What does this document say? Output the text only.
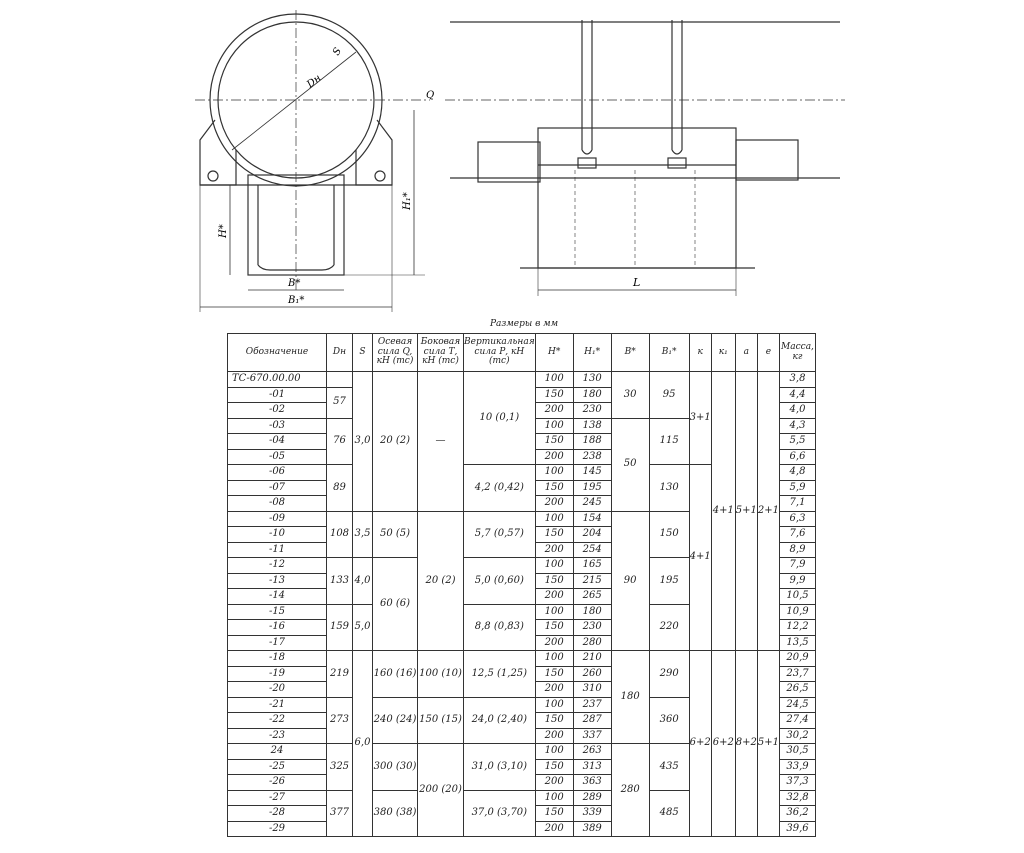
Dн
S
H*
H₁*
B*
B₁*
Q
L
Размеры в мм
Обозначение	Dн	S	Осевая сила Q, кН (тс)	Боковая сила Т, кН (тс)	Вертикальная сила Р, кН (тс)	Н*	Н₁*	В*	В₁*	к	к₁	а	е	Масса, кг
ТС-670.00.00		3,0	20 (2)	—	10 (0,1)	100	130	30	95	3+1	4+1	5+1	2+1	3,8
-01	57					150	180							4,4
-02						200	230							4,0
-03	76					100	138	50	115					4,3
-04						150	188							5,5
-05						200	238							6,6
-06	89				4,2 (0,42)	100	145		130	4+1				4,8
-07						150	195							5,9
-08						200	245							7,1
-09	108	3,5	50 (5)	20 (2)	5,7 (0,57)	100	154	90	150					6,3
-10						150	204							7,6
-11						200	254							8,9
-12	133	4,0	60 (6)		5,0 (0,60)	100	165		195					7,9
-13						150	215							9,9
-14						200	265							10,5
-15	159	5,0			8,8 (0,83)	100	180		220					10,9
-16						150	230							12,2
-17						200	280							13,5
-18	219	6,0	160 (16)	100 (10)	12,5 (1,25)	100	210	180	290	6+2	6+2	8+2	5+1	20,9
-19						150	260							23,7
-20						200	310							26,5
-21	273		240 (24)	150 (15)	24,0 (2,40)	100	237		360					24,5
-22						150	287							27,4
-23						200	337							30,2
24	325		300 (30)	200 (20)	31,0 (3,10)	100	263	280	435					30,5
-25						150	313							33,9
-26						200	363							37,3
-27	377		380 (38)		37,0 (3,70)	100	289		485					32,8
-28						150	339							36,2
-29						200	389							39,6
